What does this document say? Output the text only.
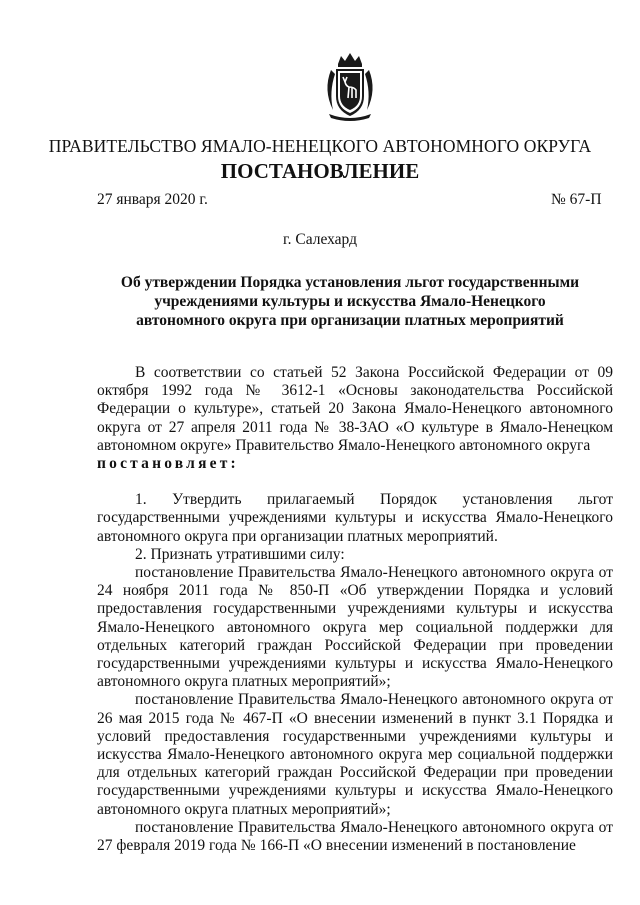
ПРАВИТЕЛЬСТВО ЯМАЛО-НЕНЕЦКОГО АВТОНОМНОГО ОКРУГА
ПОСТАНОВЛЕНИЕ
27 января 2020 г.	№ 67-П
г. Салехард
Об утверждении Порядка установления льгот государственными учреждениями культуры и искусства Ямало-Ненецкого автономного округа при организации платных мероприятий

В соответствии со статьей 52 Закона Российской Федерации от 09 октября 1992 года № 3612-1 «Основы законодательства Российской Федерации о культуре», статьей 20 Закона Ямало-Ненецкого автономного округа от 27 апреля 2011 года № 38-ЗАО «О культуре в Ямало-Ненецком автономном округе» Правительство Ямало-Ненецкого автономного округа

постановляет:

1. Утвердить прилагаемый Порядок установления льгот государственными учреждениями культуры и искусства Ямало-Ненецкого автономного округа при организации платных мероприятий.

2. Признать утратившими силу:

постановление Правительства Ямало-Ненецкого автономного округа от 24 ноября 2011 года № 850-П «Об утверждении Порядка и условий предоставления государственными учреждениями культуры и искусства Ямало-Ненецкого автономного округа мер социальной поддержки для отдельных категорий граждан Российской Федерации при проведении государственными учреждениями культуры и искусства Ямало-Ненецкого автономного округа платных мероприятий»;

постановление Правительства Ямало-Ненецкого автономного округа от 26 мая 2015 года № 467-П «О внесении изменений в пункт 3.1 Порядка и условий предоставления государственными учреждениями культуры и искусства Ямало-Ненецкого автономного округа мер социальной поддержки для отдельных категорий граждан Российской Федерации при проведении государственными учреждениями культуры и искусства Ямало-Ненецкого автономного округа платных мероприятий»;

постановление Правительства Ямало-Ненецкого автономного округа от 27 февраля 2019 года № 166-П «О внесении изменений в постановление
